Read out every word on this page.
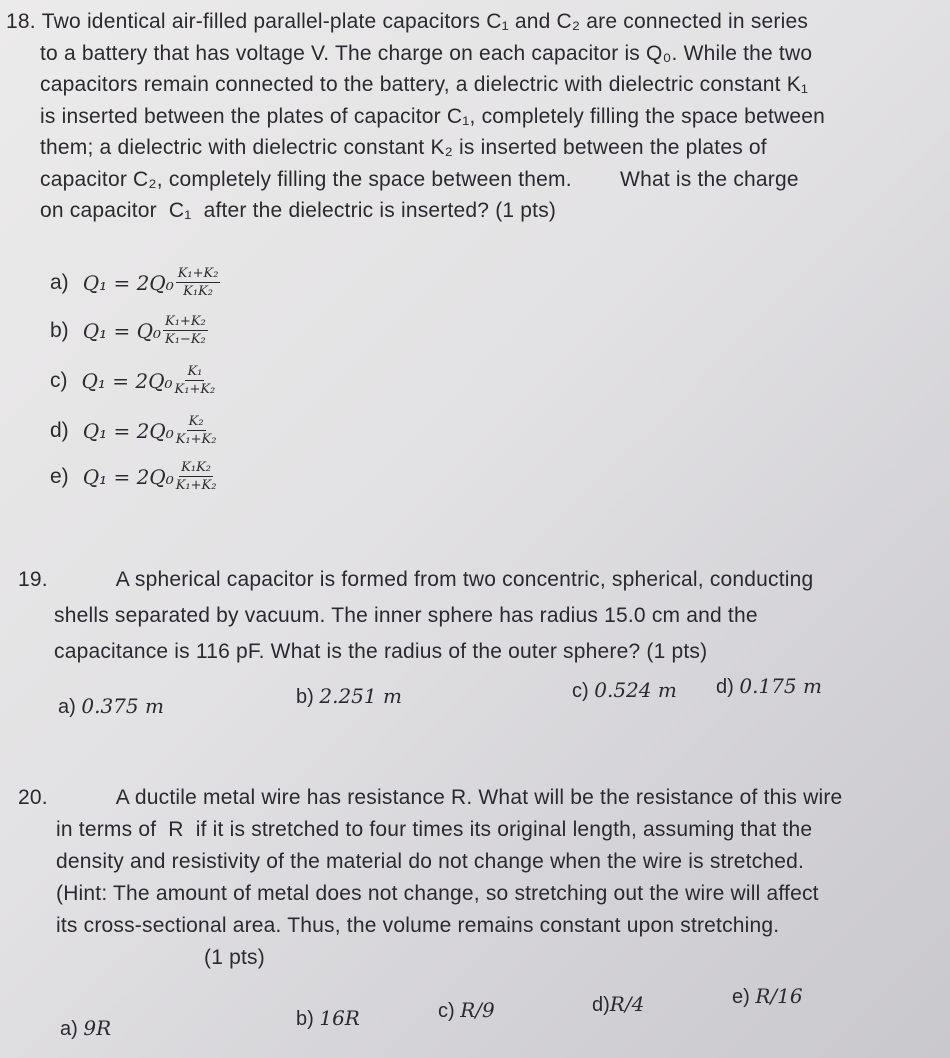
18. Two identical air-filled parallel-plate capacitors C₁ and C₂ are connected in series
to a battery that has voltage V. The charge on each capacitor is Q₀. While the two
capacitors remain connected to the battery, a dielectric with dielectric constant K₁
is inserted between the plates of capacitor C₁, completely filling the space between
them; a dielectric with dielectric constant K₂ is inserted between the plates of
capacitor C₂, completely filling the space between them.        What is the charge
on capacitor  C₁  after the dielectric is inserted? (1 pts)
a) $Q_1 = 2Q_0 \frac{\text{K₁+K₂}}{\text{K₁K₂}}$
b) $Q_1 = Q_0 \frac{\text{K₁+K₂}}{\text{K₁−K₂}}$
c) $Q_1 = 2Q_0 \frac{\text{K₁}}{\text{K₁+K₂}}$
d) $Q_1 = 2Q_0 \frac{\text{K₂}}{\text{K₁+K₂}}$
e) $Q_1 = 2Q_0 \frac{\text{K₁K₂}}{\text{K₁+K₂}}$
19.	A spherical capacitor is formed from two concentric, spherical, conducting
shells separated by vacuum. The inner sphere has radius 15.0 cm and the
capacitance is 116 pF. What is the radius of the outer sphere? (1 pts)
a) 0.375 m	b) 2.251 m	c) 0.524 m d) 0.175 m
20.	A ductile metal wire has resistance R. What will be the resistance of this wire
in terms of  R  if it is stretched to four times its original length, assuming that the
density and resistivity of the material do not change when the wire is stretched.
(Hint: The amount of metal does not change, so stretching out the wire will affect
its cross-sectional area. Thus, the volume remains constant upon stretching.
(1 pts)
a) 9R	b) 16R	c) R/9	d)R/4	e) R/16
